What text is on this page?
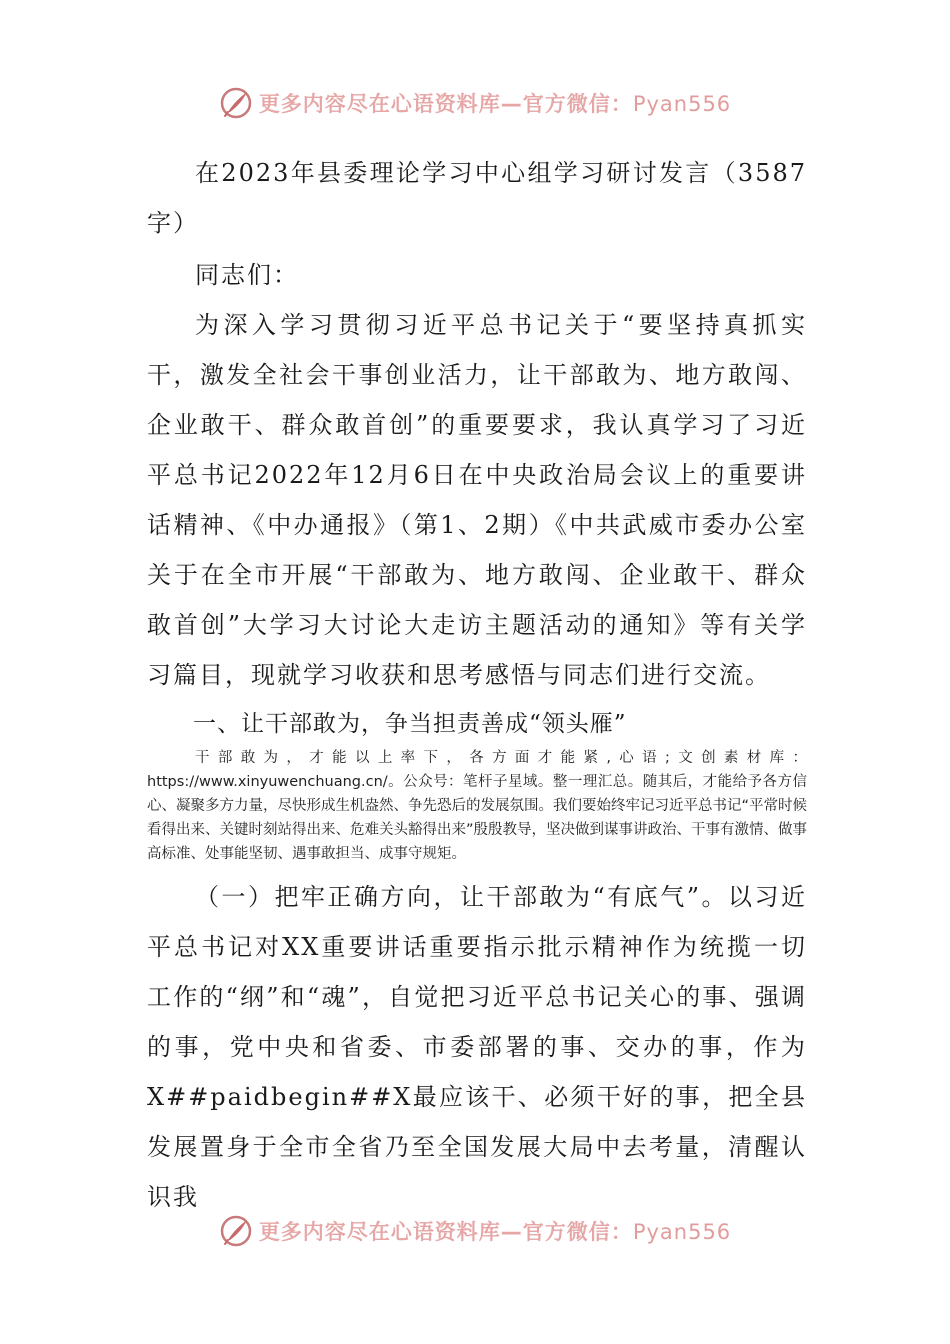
更多内容尽在心语资料库—官方微信：Pyan556

在2023年县委理论学习中心组学习研讨发言（3587字）

同志们：

为深入学习贯彻习近平总书记关于“要坚持真抓实干，激发全社会干事创业活力，让干部敢为、地方敢闯、企业敢干、群众敢首创”的重要要求，我认真学习了习近平总书记2022年12月6日在中央政治局会议上的重要讲话精神、《中办通报》（第1、2期）《中共武威市委办公室关于在全市开展“干部敢为、地方敢闯、企业敢干、群众敢首创”大学习大讨论大走访主题活动的通知》等有关学习篇目，现就学习收获和思考感悟与同志们进行交流。

一、让干部敢为，争当担责善成“领头雁”

干部敢为，才能以上率下，各方面才能紧,心语;文创素材库：https://www.xinyuwenchuang.cn/。公众号：笔杆子星域。整一理汇总。随其后，才能给予各方信心、凝聚多方力量，尽快形成生机盎然、争先恐后的发展氛围。我们要始终牢记习近平总书记“平常时候看得出来、关键时刻站得出来、危难关头豁得出来”殷殷教导，坚决做到谋事讲政治、干事有激情、做事高标准、处事能坚韧、遇事敢担当、成事守规矩。

（一）把牢正确方向，让干部敢为“有底气”。以习近平总书记对XX重要讲话重要指示批示精神作为统揽一切工作的“纲”和“魂”，自觉把习近平总书记关心的事、强调的事，党中央和省委、市委部署的事、交办的事，作为X##paidbegin##X最应该干、必须干好的事，把全县发展置身于全市全省乃至全国发展大局中去考量，清醒认识我

更多内容尽在心语资料库—官方微信：Pyan556
